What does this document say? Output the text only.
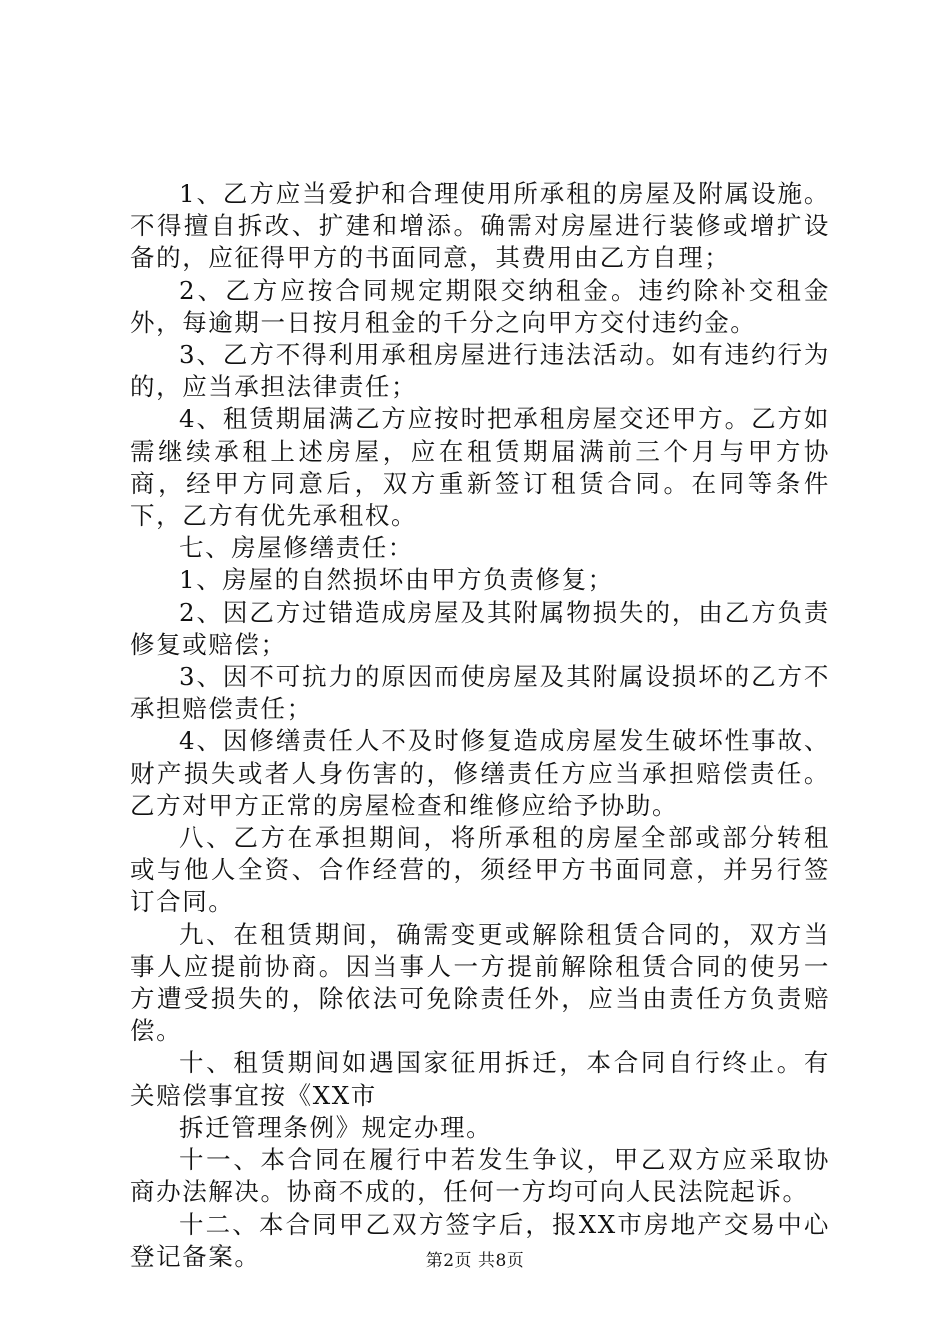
1、乙方应当爱护和合理使用所承租的房屋及附属设施。不得擅自拆改、扩建和增添。确需对房屋进行装修或增扩设备的，应征得甲方的书面同意，其费用由乙方自理；

2、乙方应按合同规定期限交纳租金。违约除补交租金外，每逾期一日按月租金的千分之向甲方交付违约金。

3、乙方不得利用承租房屋进行违法活动。如有违约行为的，应当承担法律责任；

4、租赁期届满乙方应按时把承租房屋交还甲方。乙方如需继续承租上述房屋，应在租赁期届满前三个月与甲方协商，经甲方同意后，双方重新签订租赁合同。在同等条件下，乙方有优先承租权。

七、房屋修缮责任：

1、房屋的自然损坏由甲方负责修复；

2、因乙方过错造成房屋及其附属物损失的，由乙方负责修复或赔偿；

3、因不可抗力的原因而使房屋及其附属设损坏的乙方不承担赔偿责任；

4、因修缮责任人不及时修复造成房屋发生破坏性事故、财产损失或者人身伤害的，修缮责任方应当承担赔偿责任。乙方对甲方正常的房屋检查和维修应给予协助。

八、乙方在承担期间，将所承租的房屋全部或部分转租或与他人全资、合作经营的，须经甲方书面同意，并另行签订合同。

九、在租赁期间，确需变更或解除租赁合同的，双方当事人应提前协商。因当事人一方提前解除租赁合同的使另一方遭受损失的，除依法可免除责任外，应当由责任方负责赔偿。

十、租赁期间如遇国家征用拆迁，本合同自行终止。有关赔偿事宜按《XX市

拆迁管理条例》规定办理。

十一、本合同在履行中若发生争议，甲乙双方应采取协商办法解决。协商不成的，任何一方均可向人民法院起诉。

十二、本合同甲乙双方签字后，报XX市房地产交易中心登记备案。	第2页 共8页
